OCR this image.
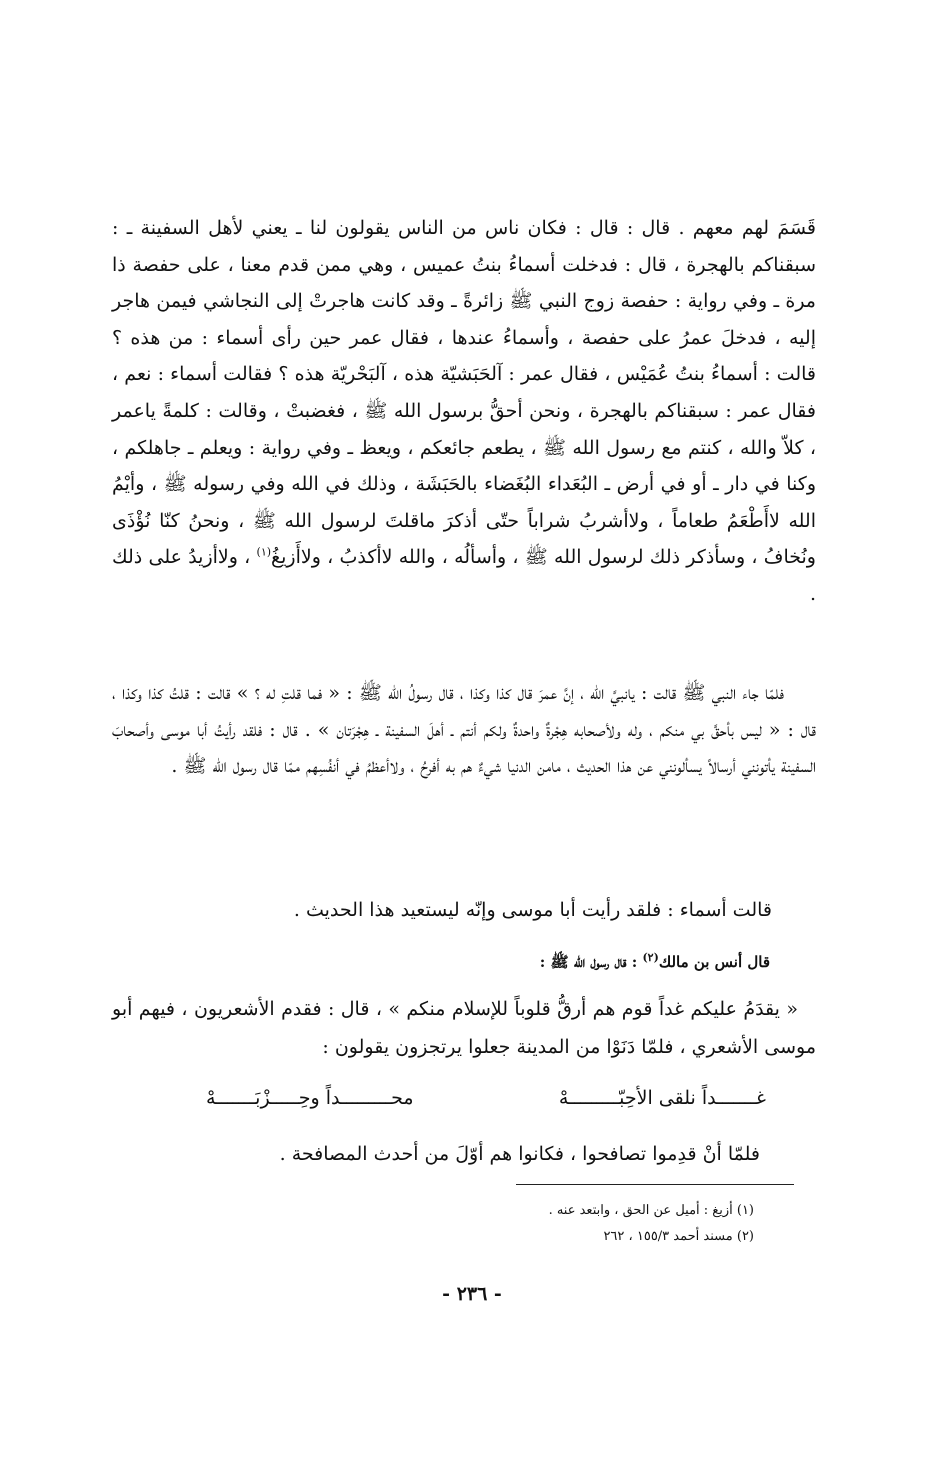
قَسَمَ لهم معهم . قال : قال : فكان ناس من الناس يقولون لنا ـ يعني لأهل السفينة ـ : سبقناكم بالهجرة ، قال : فدخلت أسماءُ بنتُ عميس ، وهي ممن قدم معنا ، على حفصة ذا مرة ـ وفي رواية : حفصة زوج النبي ﷺ زائرةً ـ وقد كانت هاجرتْ إلى النجاشي فيمن هاجر إليه ، فدخلَ عمرُ على حفصة ، وأسماءُ عندها ، فقال عمر حين رأى أسماء : من هذه ؟ قالت : أسماءُ بنتُ عُمَيْس ، فقال عمر : آلحَبَشيّة هذه ، آلبَحْريّة هذه ؟ فقالت أسماء : نعم ، فقال عمر : سبقناكم بالهجرة ، ونحن أحقُّ برسول الله ﷺ ، فغضبتْ ، وقالت : كلمةً ياعمر ، كلاّ والله ، كنتم مع رسول الله ﷺ ، يطعم جائعكم ، ويعظ ـ وفي رواية : ويعلم ـ جاهلكم ، وكنا في دار ـ أو في أرض ـ البُعَداء البُغَضاء بالحَبَشَة ، وذلك في الله وفي رسوله ﷺ ، وأيْمُ الله لاأَطْعَمُ طعاماً ، ولاأشربُ شراباً حتّى أذكرَ ماقلتَ لرسول الله ﷺ ، ونحنُ كنّا نُؤْذَى ونُخافُ ، وسأذكر ذلك لرسول الله ﷺ ، وأسألُه ، والله لاأكذبُ ، ولاأَزيغُ$^{(١)}$ ، ولاأزيدُ على ذلك .
فلمّا جاء النبي ﷺ قالت : يانبيَّ الله ، إنَّ عمرَ قال كذا وكذا ، قال رسولُ الله ﷺ : « فما قلتِ له ؟ » قالت : قلتُ كذا وكذا ، قال : « ليس بأحقَّ بي منكم ، وله ولأصحابه هِجْرةٌ واحدةٌ ولكم أنتم ـ أهلَ السفينة ـ هِجْرَتان » . قال : فلقد رأيتُ أبا موسى وأصحابَ السفينة يأتونني أرسالاً يسألونني عن هذا الحديث ، مامن الدنيا شيءٌ هم به أفرحُ ، ولاأعظمُ في أنفُسِهم ممّا قال رسول الله ﷺ .
قالت أسماء : فلقد رأيت أبا موسى وإنّه ليستعيد هذا الحديث .
قال أنس بن مالك$^{(٢)}$ : قال رسول الله ﷺ :
« يقدَمُ عليكم غداً قوم هم أرقُّ قلوباً للإسلام منكم » ، قال : فقدم الأشعريون ، فيهم أبو موسى الأشعري ، فلمّا دَنَوْا من المدينة جعلوا يرتجزون يقولون :
غـــــــداً نلقى الأحِبّـــــــــهْ
محـــــــــداً وحِـــــزْبَـــــــهْ
فلمّا أنْ قدِموا تصافحوا ، فكانوا هم أوّلَ من أحدث المصافحة .
(١) أزيغ : أميل عن الحق ، وابتعد عنه .
(٢) مسند أحمد ١٥٥/٣ ، ٢٦٢
- ٢٣٦ -
